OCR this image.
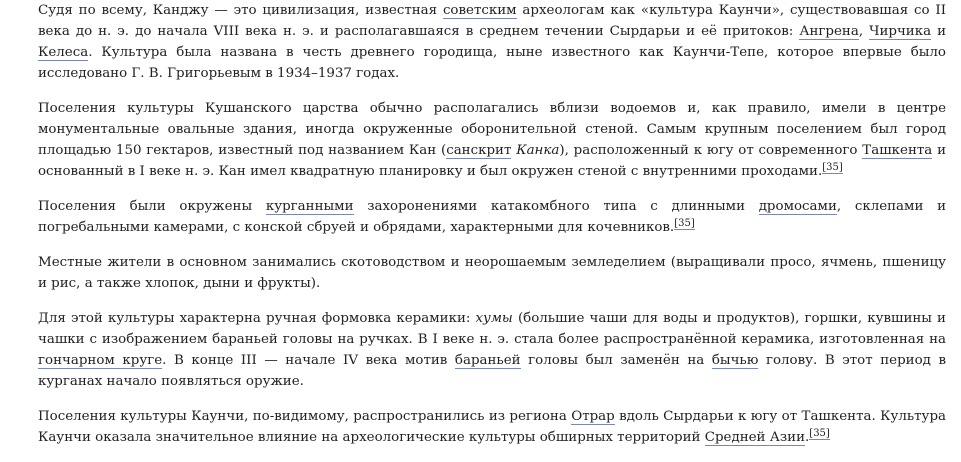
Судя по всему, Канджу — это цивилизация, известная советским археологам как «культура Каунчи», существовавшая со II века до н. э. до начала VIII века н. э. и располагавшаяся в среднем течении Сырдарьи и её притоков: Ангрена, Чирчика и Келеса. Культура была названа в честь древнего городища, ныне известного как Каунчи-Тепе, которое впервые было исследовано Г. В. Григорьевым в 1934–1937 годах.

Поселения культуры Кушанского царства обычно располагались вблизи водоемов и, как правило, имели в центре монументальные овальные здания, иногда окруженные оборонительной стеной. Самым крупным поселением был город площадью 150 гектаров, известный под названием Кан (санскрит Канка), расположенный к югу от современного Ташкента и основанный в I веке н. э. Кан имел квадратную планировку и был окружен стеной с внутренними проходами.[35]

Поселения были окружены курганными захоронениями катакомбного типа с длинными дромосами, склепами и погребальными камерами, с конской сбруей и обрядами, характерными для кочевников.[35]

Местные жители в основном занимались скотоводством и неорошаемым земледелием (выращивали просо, ячмень, пшеницу и рис, а также хлопок, дыни и фрукты).

Для этой культуры характерна ручная формовка керамики: хумы (большие чаши для воды и продуктов), горшки, кувшины и чашки с изображением бараньей головы на ручках. В I веке н. э. стала более распространённой керамика, изготовленная на гончарном круге. В конце III — начале IV века мотив бараньей головы был заменён на бычью голову. В этот период в курганах начало появляться оружие.

Поселения культуры Каунчи, по-видимому, распространились из региона Отрар вдоль Сырдарьи к югу от Ташкента. Культура Каунчи оказала значительное влияние на археологические культуры обширных территорий Средней Азии.[35]
